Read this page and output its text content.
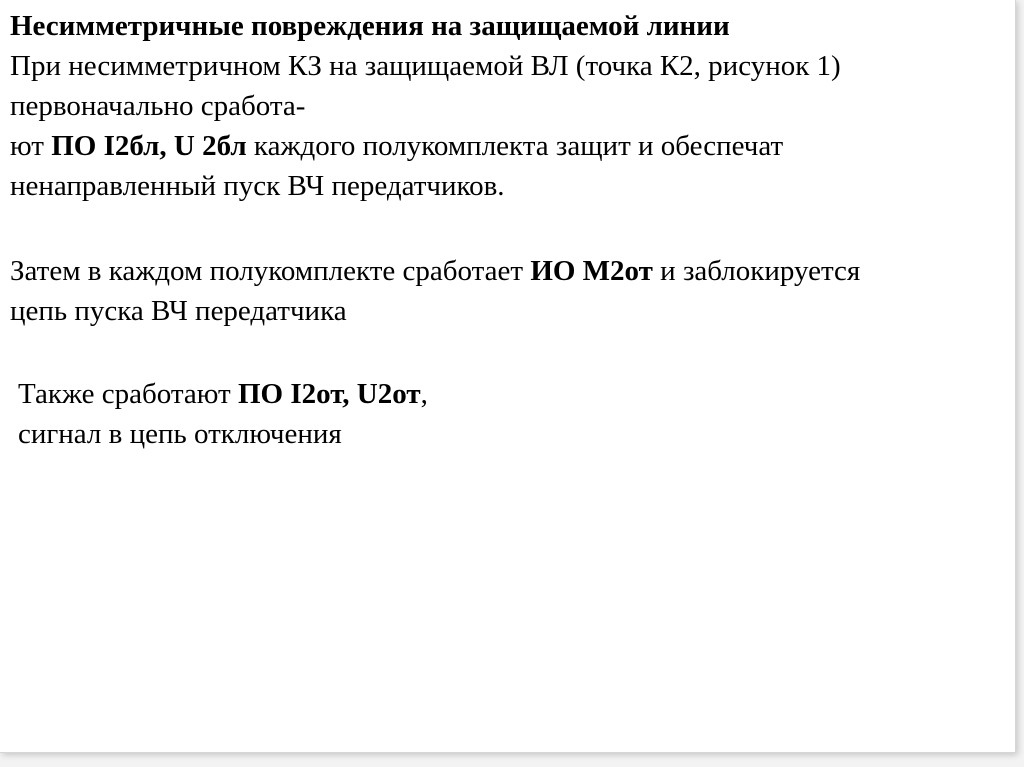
Несимметричные повреждения на защищаемой линии
При несимметричном КЗ на защищаемой ВЛ (точка К2, рисунок 1)
первоначально сработа-
ют ПО I2бл, U 2бл каждого полукомплекта защит и обеспечат
ненаправленный пуск ВЧ передатчиков.
Затем в каждом полукомплекте сработает ИО М2от и заблокируется
цепь пуска ВЧ передатчика
Также сработают ПО I2от, U2от,
сигнал в цепь отключения
